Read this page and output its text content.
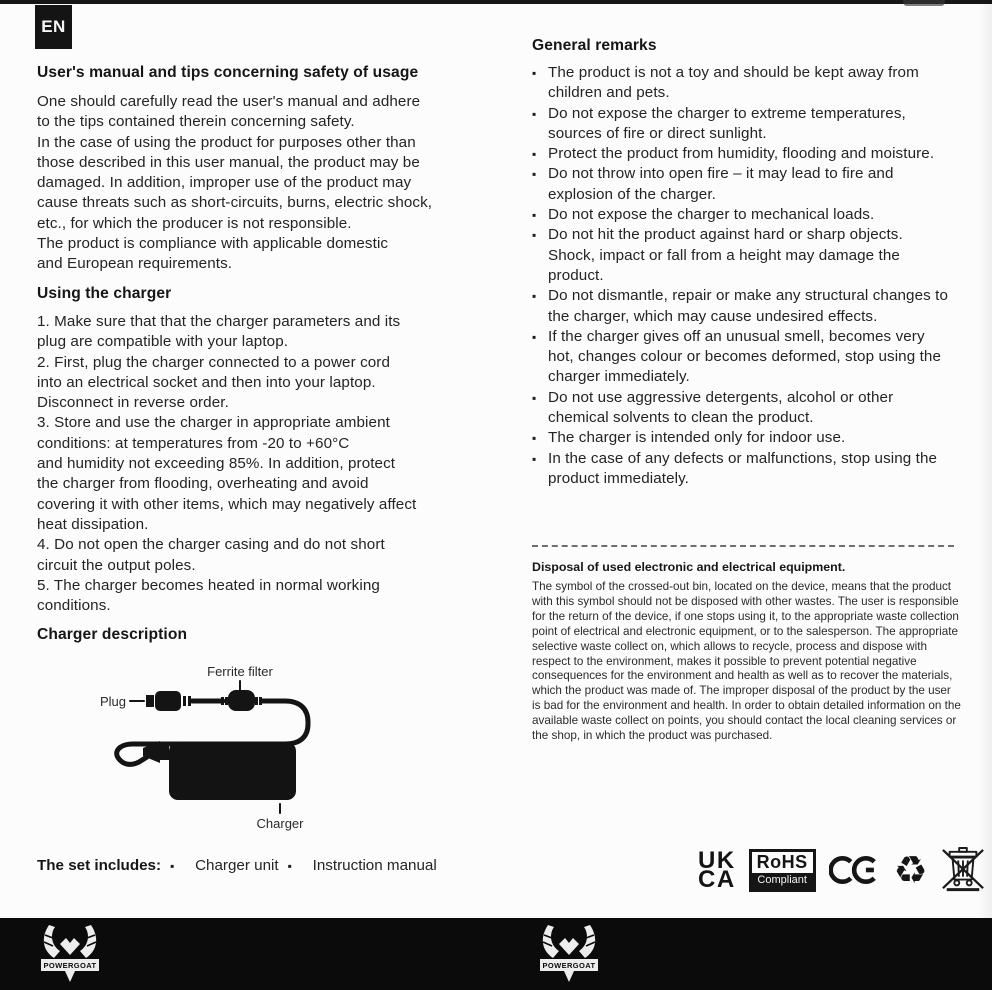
EN
User's manual and tips concerning safety of usage
One should carefully read the user's manual and adhere
to the tips contained therein concerning safety.
In the case of using the product for purposes other than
those described in this user manual, the product may be
damaged. In addition, improper use of the product may
cause threats such as short-circuits, burns, electric shock,
etc., for which the producer is not responsible.
The product is compliance with applicable domestic
and European requirements.
Using the charger
1. Make sure that that the charger parameters and its
plug are compatible with your laptop.
2. First, plug the charger connected to a power cord
into an electrical socket and then into your laptop.
Disconnect in reverse order.
3. Store and use the charger in appropriate ambient
conditions: at temperatures from -20 to +60°C
and humidity not exceeding 85%. In addition, protect
the charger from flooding, overheating and avoid
covering it with other items, which may negatively affect
heat dissipation.
4. Do not open the charger casing and do not short
circuit the output poles.
5. The charger becomes heated in normal working
conditions.
Charger description
Ferrite filter
Plug
Charger
The set includes: ▪	Charger unit ▪	Instruction manual
General remarks
▪ The product is not a toy and should be kept away from children and pets.
▪ Do not expose the charger to extreme temperatures, sources of fire or direct sunlight.
▪ Protect the product from humidity, flooding and moisture.
▪ Do not throw into open fire – it may lead to fire and explosion of the charger.
▪ Do not expose the charger to mechanical loads.
▪ Do not hit the product against hard or sharp objects. Shock, impact or fall from a height may damage the product.
▪ Do not dismantle, repair or make any structural changes to the charger, which may cause undesired effects.
▪ If the charger gives off an unusual smell, becomes very hot, changes colour or becomes deformed, stop using the charger immediately.
▪ Do not use aggressive detergents, alcohol or other chemical solvents to clean the product.
▪ The charger is intended only for indoor use.
▪ In the case of any defects or malfunctions, stop using the product immediately.
Disposal of used electronic and electrical equipment.
The symbol of the crossed-out bin, located on the device, means that the product with this symbol should not be disposed with other wastes. The user is responsible for the return of the device, if one stops using it, to the appropriate waste collection point of electrical and electronic equipment, or to the salesperson. The appropriate selective waste collect on, which allows to recycle, process and dispose with respect to the environment, makes it possible to prevent potential negative consequences for the environment and health as well as to recover the materials, which the product was made of. The improper disposal of the product by the user is bad for the environment and health. In order to obtain detailed information on the available waste collect on points, you should contact the local cleaning services or the shop, in which the product was purchased.
UK
CA
RoHS
Compliant ♻
POWERGOAT	POWERGOAT
